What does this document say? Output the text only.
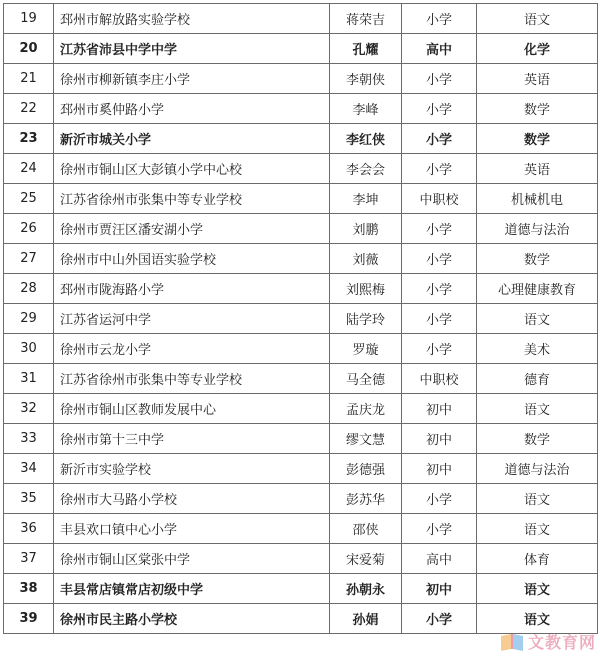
19	邳州市解放路实验学校	蒋荣吉	小学	语文
20	江苏省沛县中学中学	孔耀	高中	化学
21	徐州市柳新镇李庄小学	李朝侠	小学	英语
22	邳州市奚仲路小学	李峰	小学	数学
23	新沂市城关小学	李红侠	小学	数学
24	徐州市铜山区大彭镇小学中心校	李会会	小学	英语
25	江苏省徐州市张集中等专业学校	李坤	中职校	机械机电
26	徐州市贾汪区潘安湖小学	刘鹏	小学	道德与法治
27	徐州市中山外国语实验学校	刘薇	小学	数学
28	邳州市陇海路小学	刘熙梅	小学	心理健康教育
29	江苏省运河中学	陆学玲	小学	语文
30	徐州市云龙小学	罗璇	小学	美术
31	江苏省徐州市张集中等专业学校	马全德	中职校	德育
32	徐州市铜山区教师发展中心	孟庆龙	初中	语文
33	徐州市第十三中学	缪文慧	初中	数学
34	新沂市实验学校	彭德强	初中	道德与法治
35	徐州市大马路小学校	彭苏华	小学	语文
36	丰县欢口镇中心小学	邵侠	小学	语文
37	徐州市铜山区棠张中学	宋爱菊	高中	体育
38	丰县常店镇常店初级中学	孙朝永	初中	语文
39	徐州市民主路小学校	孙娟	小学	语文
文教育网
